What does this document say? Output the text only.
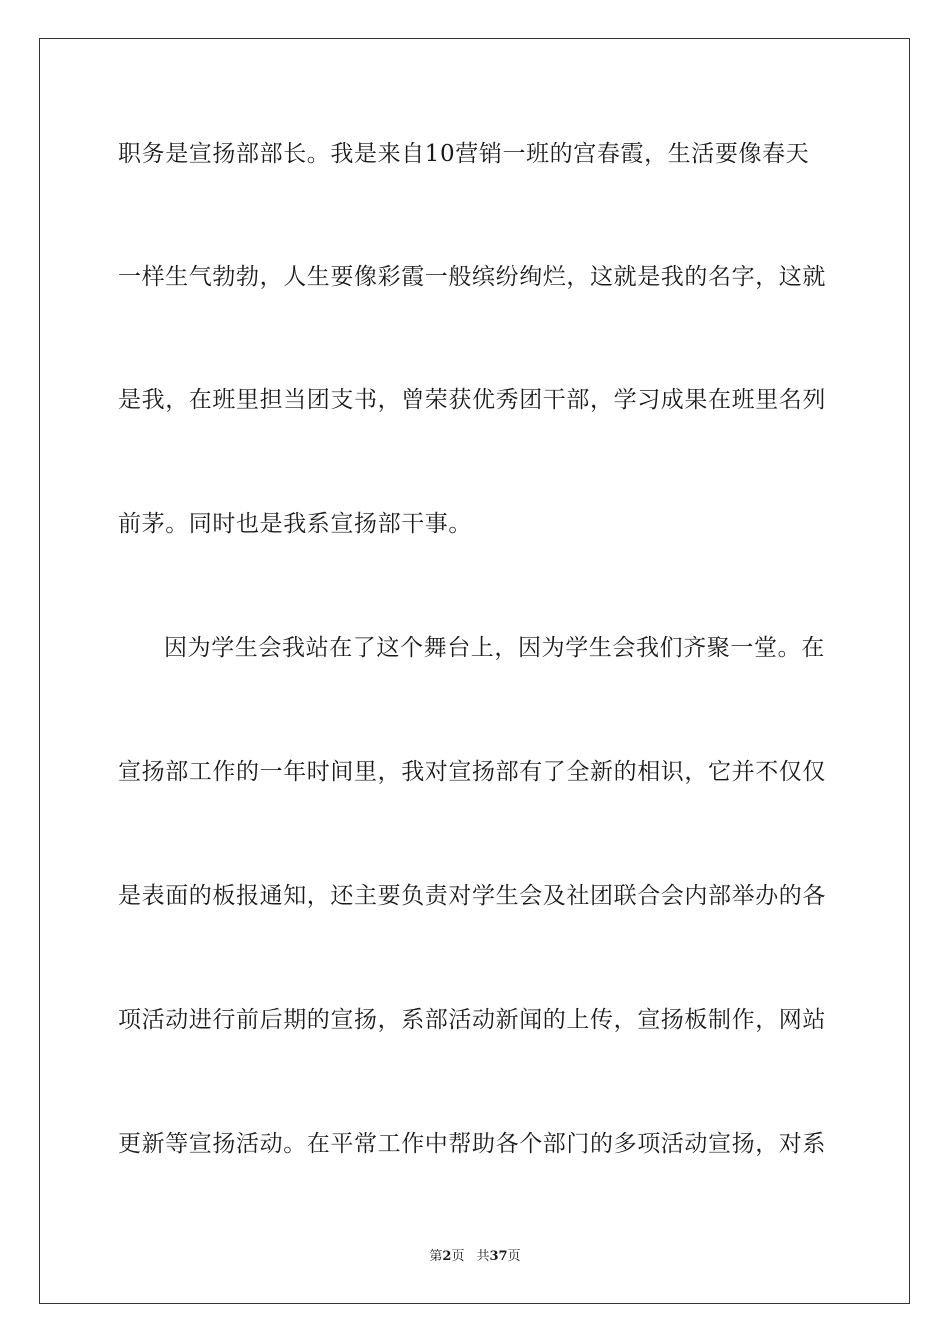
职务是宣扬部部长。我是来自10营销一班的宫春霞，生活要像春天
一样生气勃勃，人生要像彩霞一般缤纷绚烂，这就是我的名字，这就
是我，在班里担当团支书，曾荣获优秀团干部，学习成果在班里名列
前茅。同时也是我系宣扬部干事。
因为学生会我站在了这个舞台上，因为学生会我们齐聚一堂。在
宣扬部工作的一年时间里，我对宣扬部有了全新的相识，它并不仅仅
是表面的板报通知，还主要负责对学生会及社团联合会内部举办的各
项活动进行前后期的宣扬，系部活动新闻的上传，宣扬板制作，网站
更新等宣扬活动。在平常工作中帮助各个部门的多项活动宣扬，对系
第2页 共37页
